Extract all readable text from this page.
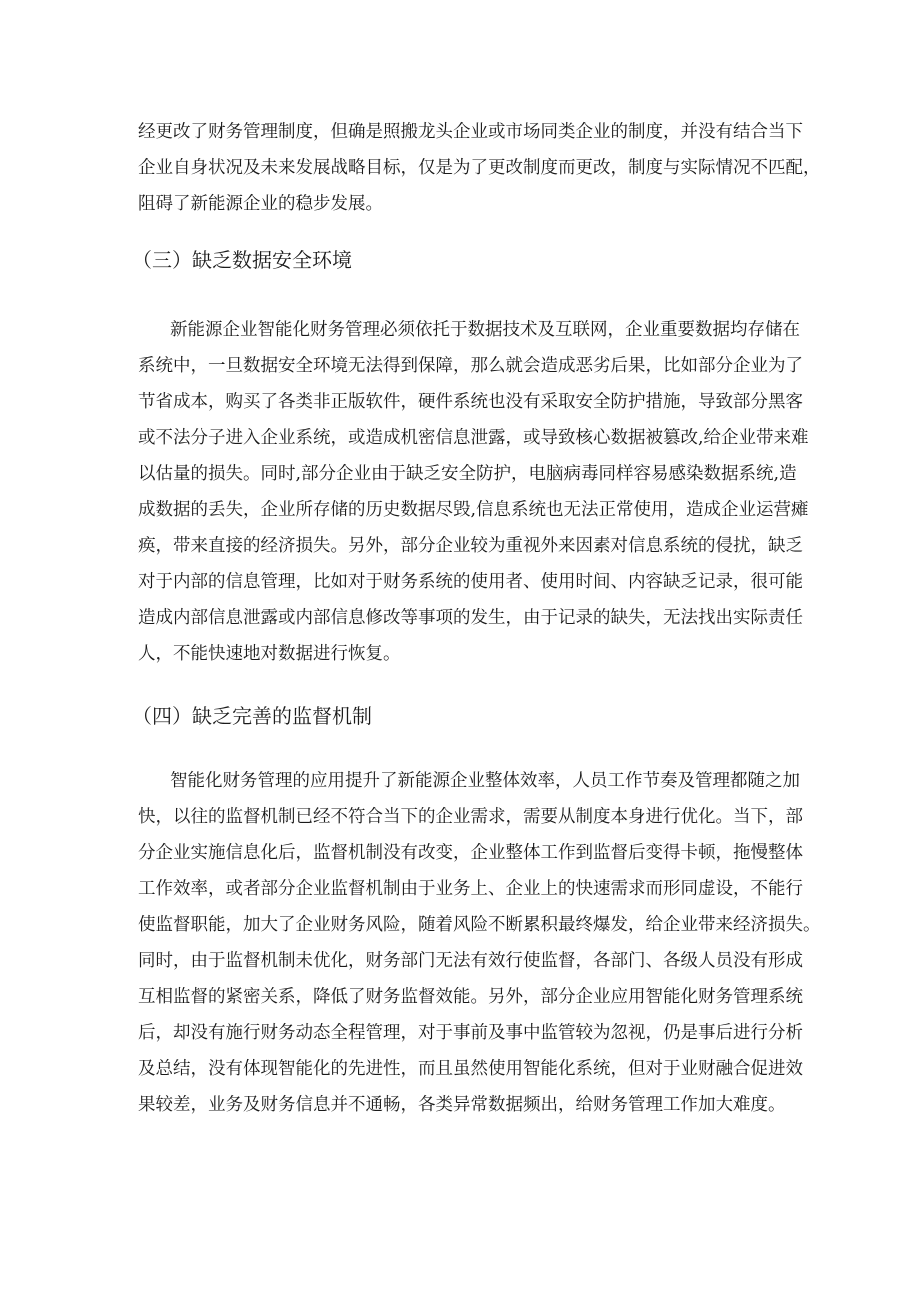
经更改了财务管理制度，但确是照搬龙头企业或市场同类企业的制度，并没有结合当下
企业自身状况及未来发展战略目标，仅是为了更改制度而更改，制度与实际情况不匹配，
阻碍了新能源企业的稳步发展。
（三）缺乏数据安全环境
新能源企业智能化财务管理必须依托于数据技术及互联网，企业重要数据均存储在
系统中，一旦数据安全环境无法得到保障，那么就会造成恶劣后果，比如部分企业为了
节省成本，购买了各类非正版软件，硬件系统也没有采取安全防护措施，导致部分黑客
或不法分子进入企业系统，或造成机密信息泄露，或导致核心数据被篡改,给企业带来难
以估量的损失。同时,部分企业由于缺乏安全防护，电脑病毒同样容易感染数据系统,造
成数据的丢失，企业所存储的历史数据尽毁,信息系统也无法正常使用，造成企业运营瘫
痪，带来直接的经济损失。另外，部分企业较为重视外来因素对信息系统的侵扰，缺乏
对于内部的信息管理，比如对于财务系统的使用者、使用时间、内容缺乏记录，很可能
造成内部信息泄露或内部信息修改等事项的发生，由于记录的缺失，无法找出实际责任
人，不能快速地对数据进行恢复。
（四）缺乏完善的监督机制
智能化财务管理的应用提升了新能源企业整体效率，人员工作节奏及管理都随之加
快，以往的监督机制已经不符合当下的企业需求，需要从制度本身进行优化。当下，部
分企业实施信息化后，监督机制没有改变，企业整体工作到监督后变得卡顿，拖慢整体
工作效率，或者部分企业监督机制由于业务上、企业上的快速需求而形同虚设，不能行
使监督职能，加大了企业财务风险，随着风险不断累积最终爆发，给企业带来经济损失。
同时，由于监督机制未优化，财务部门无法有效行使监督，各部门、各级人员没有形成
互相监督的紧密关系，降低了财务监督效能。另外，部分企业应用智能化财务管理系统
后，却没有施行财务动态全程管理，对于事前及事中监管较为忽视，仍是事后进行分析
及总结，没有体现智能化的先进性，而且虽然使用智能化系统，但对于业财融合促进效
果较差，业务及财务信息并不通畅，各类异常数据频出，给财务管理工作加大难度。
